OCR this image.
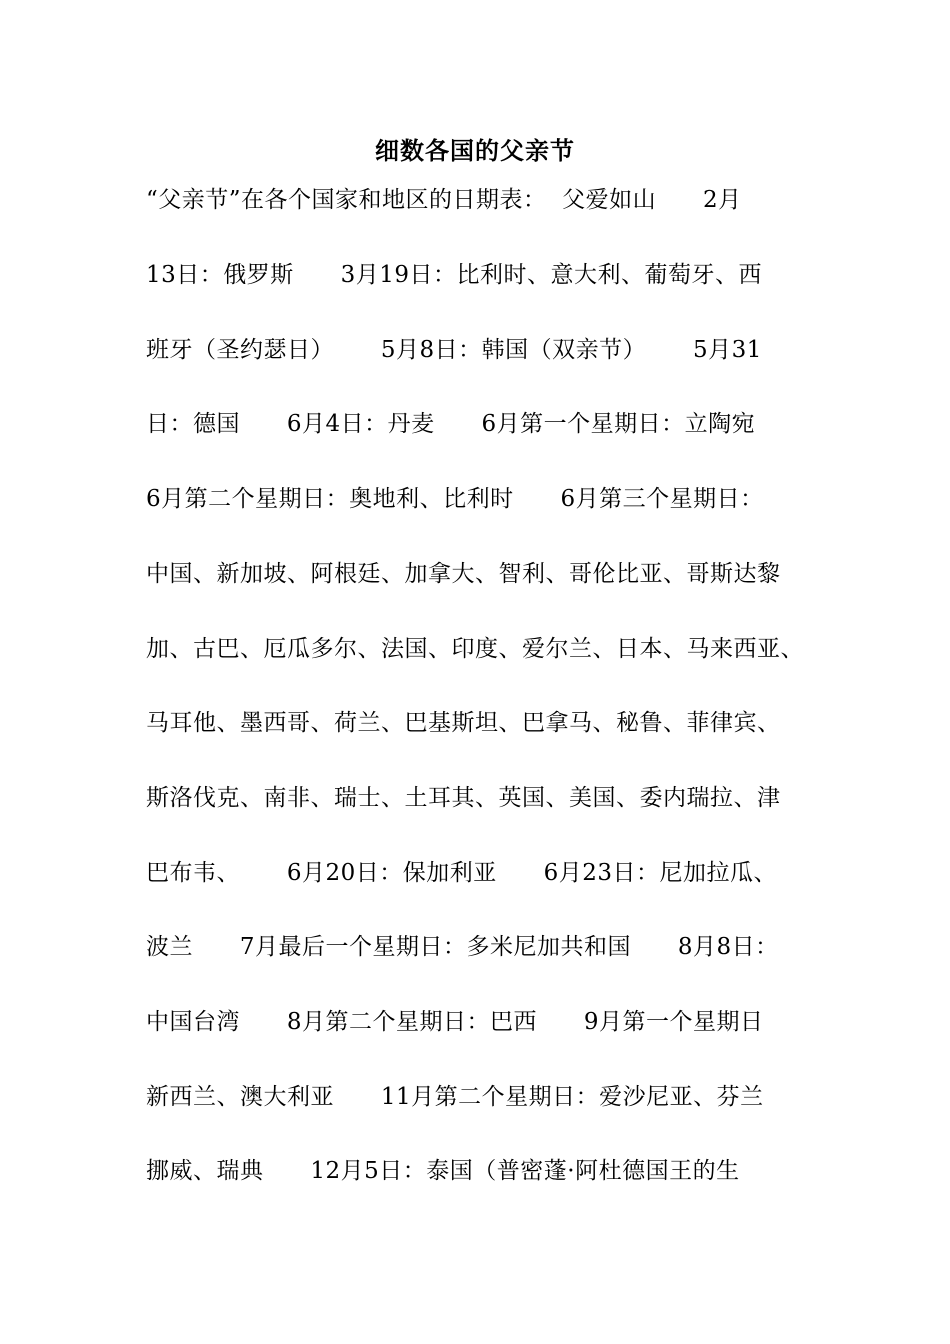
细数各国的父亲节
“父亲节”在各个国家和地区的日期表：  父爱如山      2月
13日：俄罗斯      3月19日：比利时、意大利、葡萄牙、西
班牙（圣约瑟日）      5月8日：韩国（双亲节）      5月31
日：德国      6月4日：丹麦      6月第一个星期日：立陶宛
6月第二个星期日：奥地利、比利时      6月第三个星期日：
中国、新加坡、阿根廷、加拿大、智利、哥伦比亚、哥斯达黎
加、古巴、厄瓜多尔、法国、印度、爱尔兰、日本、马来西亚、
马耳他、墨西哥、荷兰、巴基斯坦、巴拿马、秘鲁、菲律宾、
斯洛伐克、南非、瑞士、土耳其、英国、美国、委内瑞拉、津
巴布韦、      6月20日：保加利亚      6月23日：尼加拉瓜、
波兰      7月最后一个星期日：多米尼加共和国      8月8日：
中国台湾      8月第二个星期日：巴西      9月第一个星期日
新西兰、澳大利亚      11月第二个星期日：爱沙尼亚、芬兰
挪威、瑞典      12月5日：泰国（普密蓬·阿杜德国王的生
